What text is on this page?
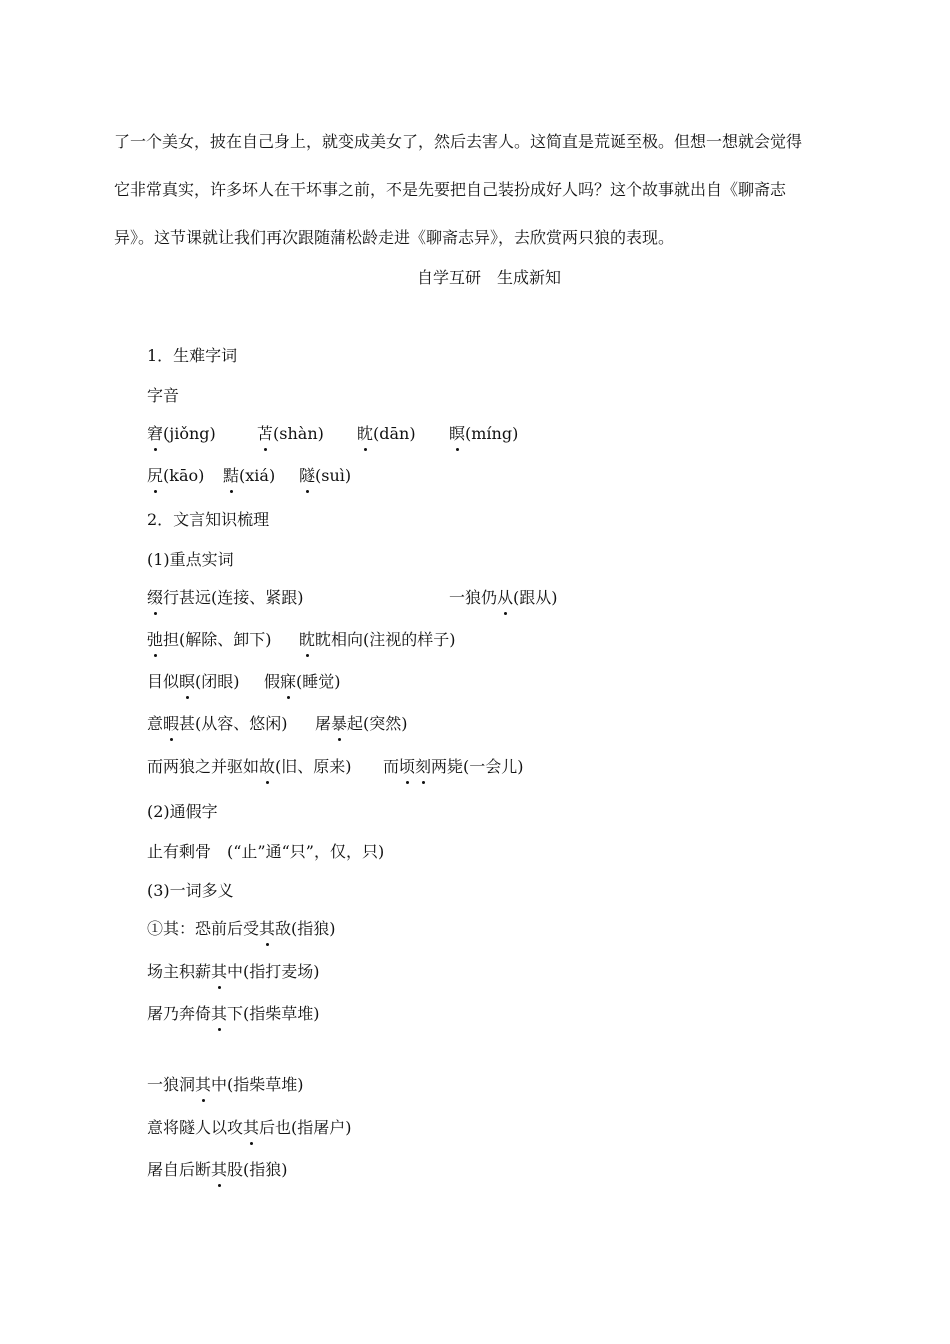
了一个美女，披在自己身上，就变成美女了，然后去害人。这简直是荒诞至极。但想一想就会觉得
它非常真实，许多坏人在干坏事之前，不是先要把自己装扮成好人吗？这个故事就出自《聊斋志
异》。这节课就让我们再次跟随蒲松龄走进《聊斋志异》，去欣赏两只狼的表现。
自学互研　生成新知
1．生难字词
字音
窘(jiǒng)	苫(shàn) 眈(dān) 瞑(míng)
尻(kāo) 黠(xiá) 隧(suì)
2．文言知识梳理
(1)重点实词
缀行甚远(连接、紧跟)	一狼仍从(跟从)
弛担(解除、卸下) 眈眈相向(注视的样子)
目似瞑(闭眼) 假寐(睡觉)
意暇甚(从容、悠闲) 屠暴起(突然)
而两狼之并驱如故(旧、原来) 而顷刻两毙(一会儿)
(2)通假字
止有剩骨　(“止”通“只”，仅，只)
(3)一词多义
①其：恐前后受其敌(指狼)
场主积薪其中(指打麦场)
屠乃奔倚其下(指柴草堆)
一狼洞其中(指柴草堆)
意将隧人以攻其后也(指屠户)
屠自后断其股(指狼)
